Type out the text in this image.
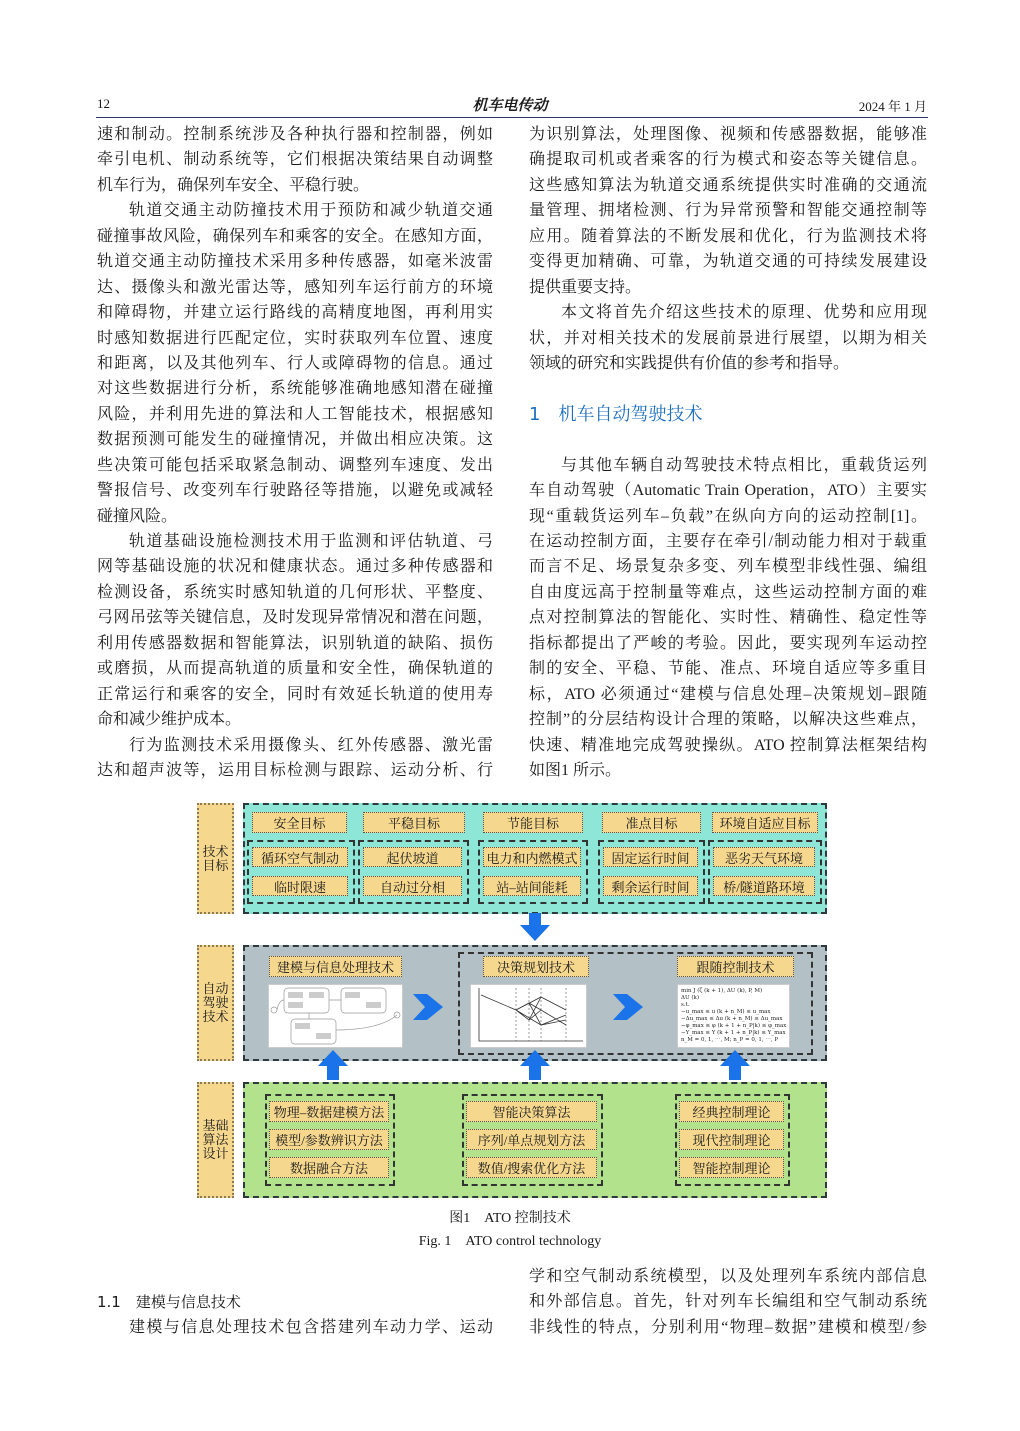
12	机车电传动	2024 年 1 月
速和制动。控制系统涉及各种执行器和控制器，例如
牵引电机、制动系统等，它们根据决策结果自动调整
机车行为，确保列车安全、平稳行驶。
轨道交通主动防撞技术用于预防和减少轨道交通
碰撞事故风险，确保列车和乘客的安全。在感知方面，
轨道交通主动防撞技术采用多种传感器，如毫米波雷
达、摄像头和激光雷达等，感知列车运行前方的环境
和障碍物，并建立运行路线的高精度地图，再利用实
时感知数据进行匹配定位，实时获取列车位置、速度
和距离，以及其他列车、行人或障碍物的信息。通过
对这些数据进行分析，系统能够准确地感知潜在碰撞
风险，并利用先进的算法和人工智能技术，根据感知
数据预测可能发生的碰撞情况，并做出相应决策。这
些决策可能包括采取紧急制动、调整列车速度、发出
警报信号、改变列车行驶路径等措施，以避免或减轻
碰撞风险。
轨道基础设施检测技术用于监测和评估轨道、弓
网等基础设施的状况和健康状态。通过多种传感器和
检测设备，系统实时感知轨道的几何形状、平整度、
弓网吊弦等关键信息，及时发现异常情况和潜在问题，
利用传感器数据和智能算法，识别轨道的缺陷、损伤
或磨损，从而提高轨道的质量和安全性，确保轨道的
正常运行和乘客的安全，同时有效延长轨道的使用寿
命和减少维护成本。
行为监测技术采用摄像头、红外传感器、激光雷
达和超声波等，运用目标检测与跟踪、运动分析、行
为识别算法，处理图像、视频和传感器数据，能够准
确提取司机或者乘客的行为模式和姿态等关键信息。
这些感知算法为轨道交通系统提供实时准确的交通流
量管理、拥堵检测、行为异常预警和智能交通控制等
应用。随着算法的不断发展和优化，行为监测技术将
变得更加精确、可靠，为轨道交通的可持续发展建设
提供重要支持。
本文将首先介绍这些技术的原理、优势和应用现
状，并对相关技术的发展前景进行展望，以期为相关
领域的研究和实践提供有价值的参考和指导。
1　机车自动驾驶技术
与其他车辆自动驾驶技术特点相比，重载货运列
车自动驾驶（Automatic Train Operation，ATO）主要实
现“重载货运列车–负载”在纵向方向的运动控制[1]。
在运动控制方面，主要存在牵引/制动能力相对于载重
而言不足、场景复杂多变、列车模型非线性强、编组
自由度远高于控制量等难点，这些运动控制方面的难
点对控制算法的智能化、实时性、精确性、稳定性等
指标都提出了严峻的考验。因此，要实现列车运动控
制的安全、平稳、节能、准点、环境自适应等多重目
标，ATO 必须通过“建模与信息处理–决策规划–跟随
控制”的分层结构设计合理的策略，以解决这些难点，
快速、精准地完成驾驶操纵。ATO 控制算法框架结构
如图1 所示。
技术
目标
安全目标	平稳目标	节能目标	准点目标	环境自适应目标
循环空气制动
临时限速
起伏坡道
自动过分相
电力和内燃模式
站–站间能耗
固定运行时间
剩余运行时间
恶劣天气环境
桥/隧道路环境
自动
驾驶
技术
建模与信息处理技术	决策规划技术	跟随控制技术
min J (ζ (k + 1), ΔU (k), P, M)
ΔU (k)
s.t.
−u_max ≤ u (k + n_M) ≤ u_max
−Δu_max ≤ Δu (k + n_M) ≤ Δu_max
−φ_max ≤ φ (k + 1 + n_P|k) ≤ φ_max
−Y_max ≤ Y (k + 1 + n_P|k) ≤ Y_max
n_M = 0, 1, ⋯, M; n_P = 0, 1, ⋯, P
基础
算法
设计
物理–数据建模方法
模型/参数辨识方法
数据融合方法
智能决策算法
序列/单点规划方法
数值/搜索优化方法
经典控制理论
现代控制理论
智能控制理论
图1　ATO 控制技术
Fig. 1　ATO control technology
学和空气制动系统模型，以及处理列车系统内部信息
和外部信息。首先，针对列车长编组和空气制动系统
非线性的特点，分别利用“物理–数据”建模和模型/参
1.1　建模与信息技术
建模与信息处理技术包含搭建列车动力学、运动
